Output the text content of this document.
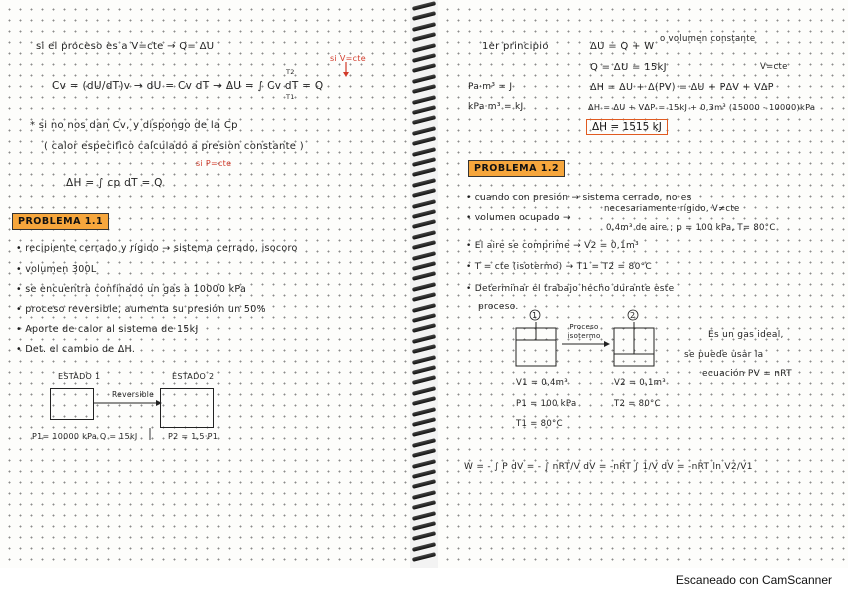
si el proceso es a V=cte → Q= ΔU
si V=cte
Cv = (dU/dT)v → dU = Cv dT → ΔU = ∫ Cv dT = Q
T2
T1
* si no nos dan Cv, y dispongo de la Cp
( calor especifico calculado a presion constante )
si P=cte
ΔH = ∫ cp dT = Q
PROBLEMA 1.1
• recipiente cerrado y rígido → sistema cerrado, isocoro
• volumen 300L
• se encuentra confinado un gas a 10000 kPa
• proceso reversible, aumenta su presión un 50%
• Aporte de calor al sistema de 15kJ
• Det. el cambio de ΔH.
ESTADO 1	ESTADO 2
Reversible
P1= 10000 kPa Q = 15kJ	P2 = 1,5·P1
1er principio	ΔU = Q + W
o volumen constante
Q = ΔU = 15kJ	V=cte
Pa·m³ = J	ΔH = ΔU + Δ(PV) = ΔU + PΔV + VΔP
kPa·m³ = kJ	ΔH = ΔU + VΔP = 15kJ + 0,3m³ (15000 - 10000)kPa
ΔH = 1515 kJ
PROBLEMA 1.2
• cuando con presión → sistema cerrado, no es
necesariamente rígido, V≠cte
• volumen ocupado →
0,4m³ de aire ; p = 100 kPa, T= 80°C
• El aire se comprime → V2 = 0,1m³
• T = cte (isotermo) → T1 = T2 = 80°C
• Determinar el trabajo hecho durante este
proceso.
1	2
Proceso isotermo	Es un gas ideal,
se puede usar la
ecuación PV = nRT
V1 = 0,4m³
P1 = 100 kPa
T1 = 80°C
V2 = 0,1m³
T2 = 80°C
W = - ∫ P dV = - ∫ nRT/V dV = -nRT ∫ 1/V dV = -nRT ln V2/V1
Escaneado con CamScanner
